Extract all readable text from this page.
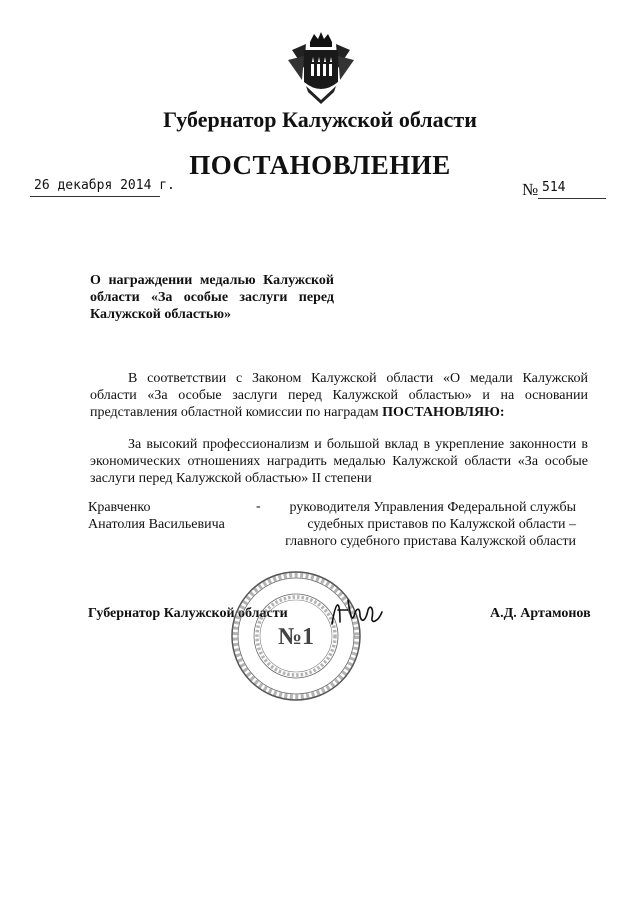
Губернатор Калужской области
ПОСТАНОВЛЕНИЕ
26 декабря 2014 г.	№ 514
О награждении медалью Калужской области «За особые заслуги перед Калужской областью»
В соответствии с Законом Калужской области «О медали Калужской области «За особые заслуги перед Калужской областью» и на основании представления областной комиссии по наградам ПОСТАНОВЛЯЮ:
За высокий профессионализм и большой вклад в укрепление законности в экономических отношениях наградить медалью Калужской области «За особые заслуги перед Калужской областью» II степени
Кравченко
Анатолия Васильевича
-	руководителя Управления Федеральной службы судебных приставов по Калужской области – главного судебного пристава Калужской области
Губернатор Калужской области	А.Д. Артамонов
№1
